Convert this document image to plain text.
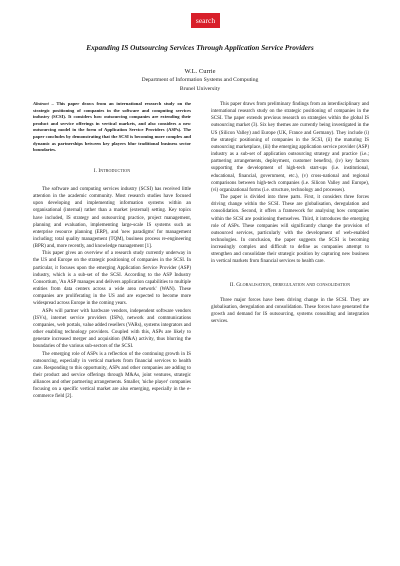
search
Expanding IS Outsourcing Services Through Application Service Providers
W.L. Currie
Department of Information Systems and Computing
Brunel University

Abstract – This paper draws from an international research study on the strategic positioning of companies in the software and computing services industry (SCSI). It considers how outsourcing companies are extending their product and service offerings in vertical markets, and also considers a new outsourcing model in the form of Application Service Providers (ASPs). The paper concludes by demonstrating that the SCSI is becoming more complex and dynamic as partnerships between key players blur traditional business sector boundaries.

I. Introduction

The software and computing services industry (SCSI) has received little attention in the academic community. Most research studies have focused upon developing and implementing information systems within an organisational (internal) rather than a market (external) setting. Key topics have included, IS strategy and outsourcing practice, project management, planning and evaluation, implementing large-scale IS systems such as enterprise resource planning (ERP), and 'new paradigms' for management including; total quality management (TQM), business process re-engineering (BPR) and, more recently, and knowledge management [1].

This paper gives an overview of a research study currently underway in the US and Europe on the strategic positioning of companies in the SCSI. In particular, it focuses upon the emerging Application Service Provider (ASP) industry, which is a sub-set of the SCSI. According to the ASP Industry Consortium, 'An ASP manages and delivers application capabilities to multiple entities from data centers across a wide area network' (WAN). These companies are proliferating in the US and are expected to become more widespread across Europe in the coming years.

ASPs will partner with hardware vendors, independent software vendors (ISVs), internet service providers (ISPs), network and communications companies, web portals, value added resellers (VARs), systems integrators and other enabling technology providers. Coupled with this, ASPs are likely to generate increased merger and acquisition (M&A) activity, thus blurring the boundaries of the various sub-sectors of the SCSI.

The emerging role of ASPs is a reflection of the continuing growth in IS outsourcing, especially in vertical markets from financial services to health care. Responding to this opportunity, ASPs and other companies are adding to their product and service offerings through M&As, joint ventures, strategic alliances and other partnering arrangements. Smaller, 'niche player' companies focusing on a specific vertical market are also emerging, especially in the e-commerce field [2].

This paper draws from preliminary findings from an interdisciplinary and international research study on the strategic positioning of companies in the SCSI. The paper extends previous research on strategies within the global IS outsourcing market (3). Six key themes are currently being investigated in the US (Silicon Valley) and Europe (UK, France and Germany). They include (i) the strategic positioning of companies in the SCSI, (ii) the maturing IS outsourcing marketplace, (iii) the emerging application service provider (ASP) industry as a sub-set of application outsourcing strategy and practice (i.e.; partnering arrangements, deployment, customer benefits), (iv) key factors supporting the development of high-tech start-ups (i.e. institutional, educational, financial, government, etc.), (v) cross-national and regional comparisons between high-tech companies (i.e. Silicon Valley and Europe), (vi) organizational forms (i.e. structure, technology and processes).

The paper is divided into three parts. First, it considers three forces driving change within the SCSI. These are globalisation, deregulation and consolidation. Second, it offers a framework for analysing how companies within the SCSI are positioning themselves. Third, it introduces the emerging role of ASPs. These companies will significantly change the provision of outsourced services, particularly with the development of web-enabled technologies. In conclusion, the paper suggests the SCSI is becoming increasingly complex and difficult to define as companies attempt to strengthen and consolidate their strategic position by capturing new business in vertical markets from financial services to health care.

II. Globalisation, deregulation and consolidation

Three major forces have been driving change in the SCSI. They are globalisation, deregulation and consolidation. These forces have generated the growth and demand for IS outsourcing, systems consulting and integration services.
